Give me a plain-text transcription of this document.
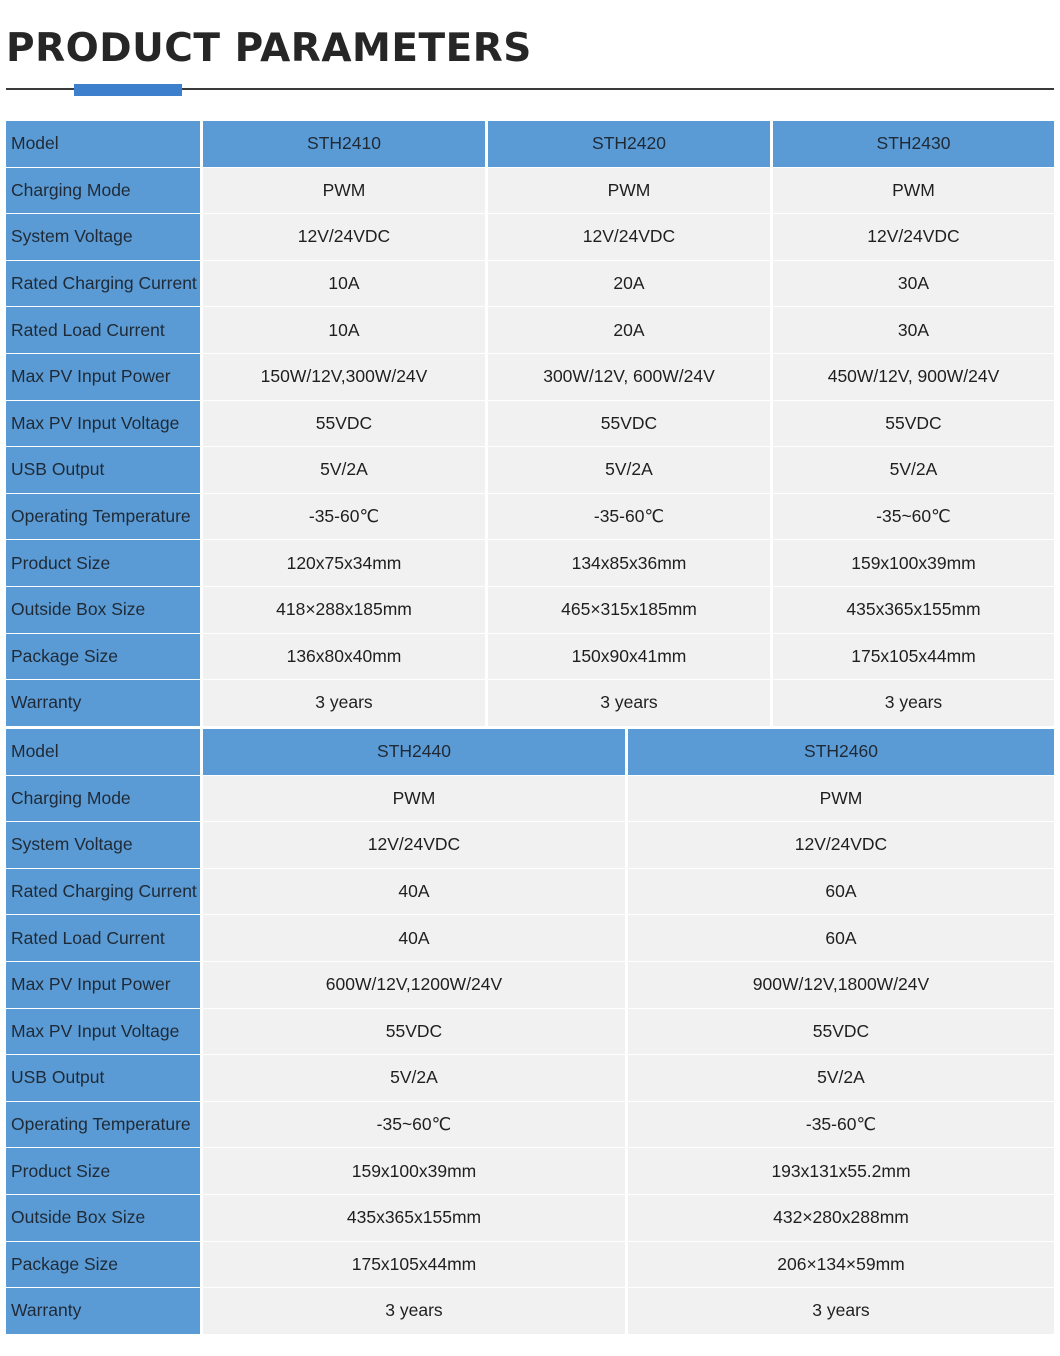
PRODUCT PARAMETERS
Model	STH2410	STH2420	STH2430
Charging Mode	PWM	PWM	PWM
System Voltage	12V/24VDC	12V/24VDC	12V/24VDC
Rated Charging Current	10A	20A	30A
Rated Load Current	10A	20A	30A
Max PV Input Power	150W/12V,300W/24V	300W/12V, 600W/24V	450W/12V, 900W/24V
Max PV Input Voltage	55VDC	55VDC	55VDC
USB Output	5V/2A	5V/2A	5V/2A
Operating Temperature	-35-60℃	-35-60℃	-35~60℃
Product Size	120x75x34mm	134x85x36mm	159x100x39mm
Outside Box Size	418×288x185mm	465×315x185mm	435x365x155mm
Package Size	136x80x40mm	150x90x41mm	175x105x44mm
Warranty	3 years	3 years	3 years
Model	STH2440	STH2460
Charging Mode	PWM	PWM
System Voltage	12V/24VDC	12V/24VDC
Rated Charging Current	40A	60A
Rated Load Current	40A	60A
Max PV Input Power	600W/12V,1200W/24V	900W/12V,1800W/24V
Max PV Input Voltage	55VDC	55VDC
USB Output	5V/2A	5V/2A
Operating Temperature	-35~60℃	-35-60℃
Product Size	159x100x39mm	193x131x55.2mm
Outside Box Size	435x365x155mm	432×280x288mm
Package Size	175x105x44mm	206×134×59mm
Warranty	3 years	3 years
